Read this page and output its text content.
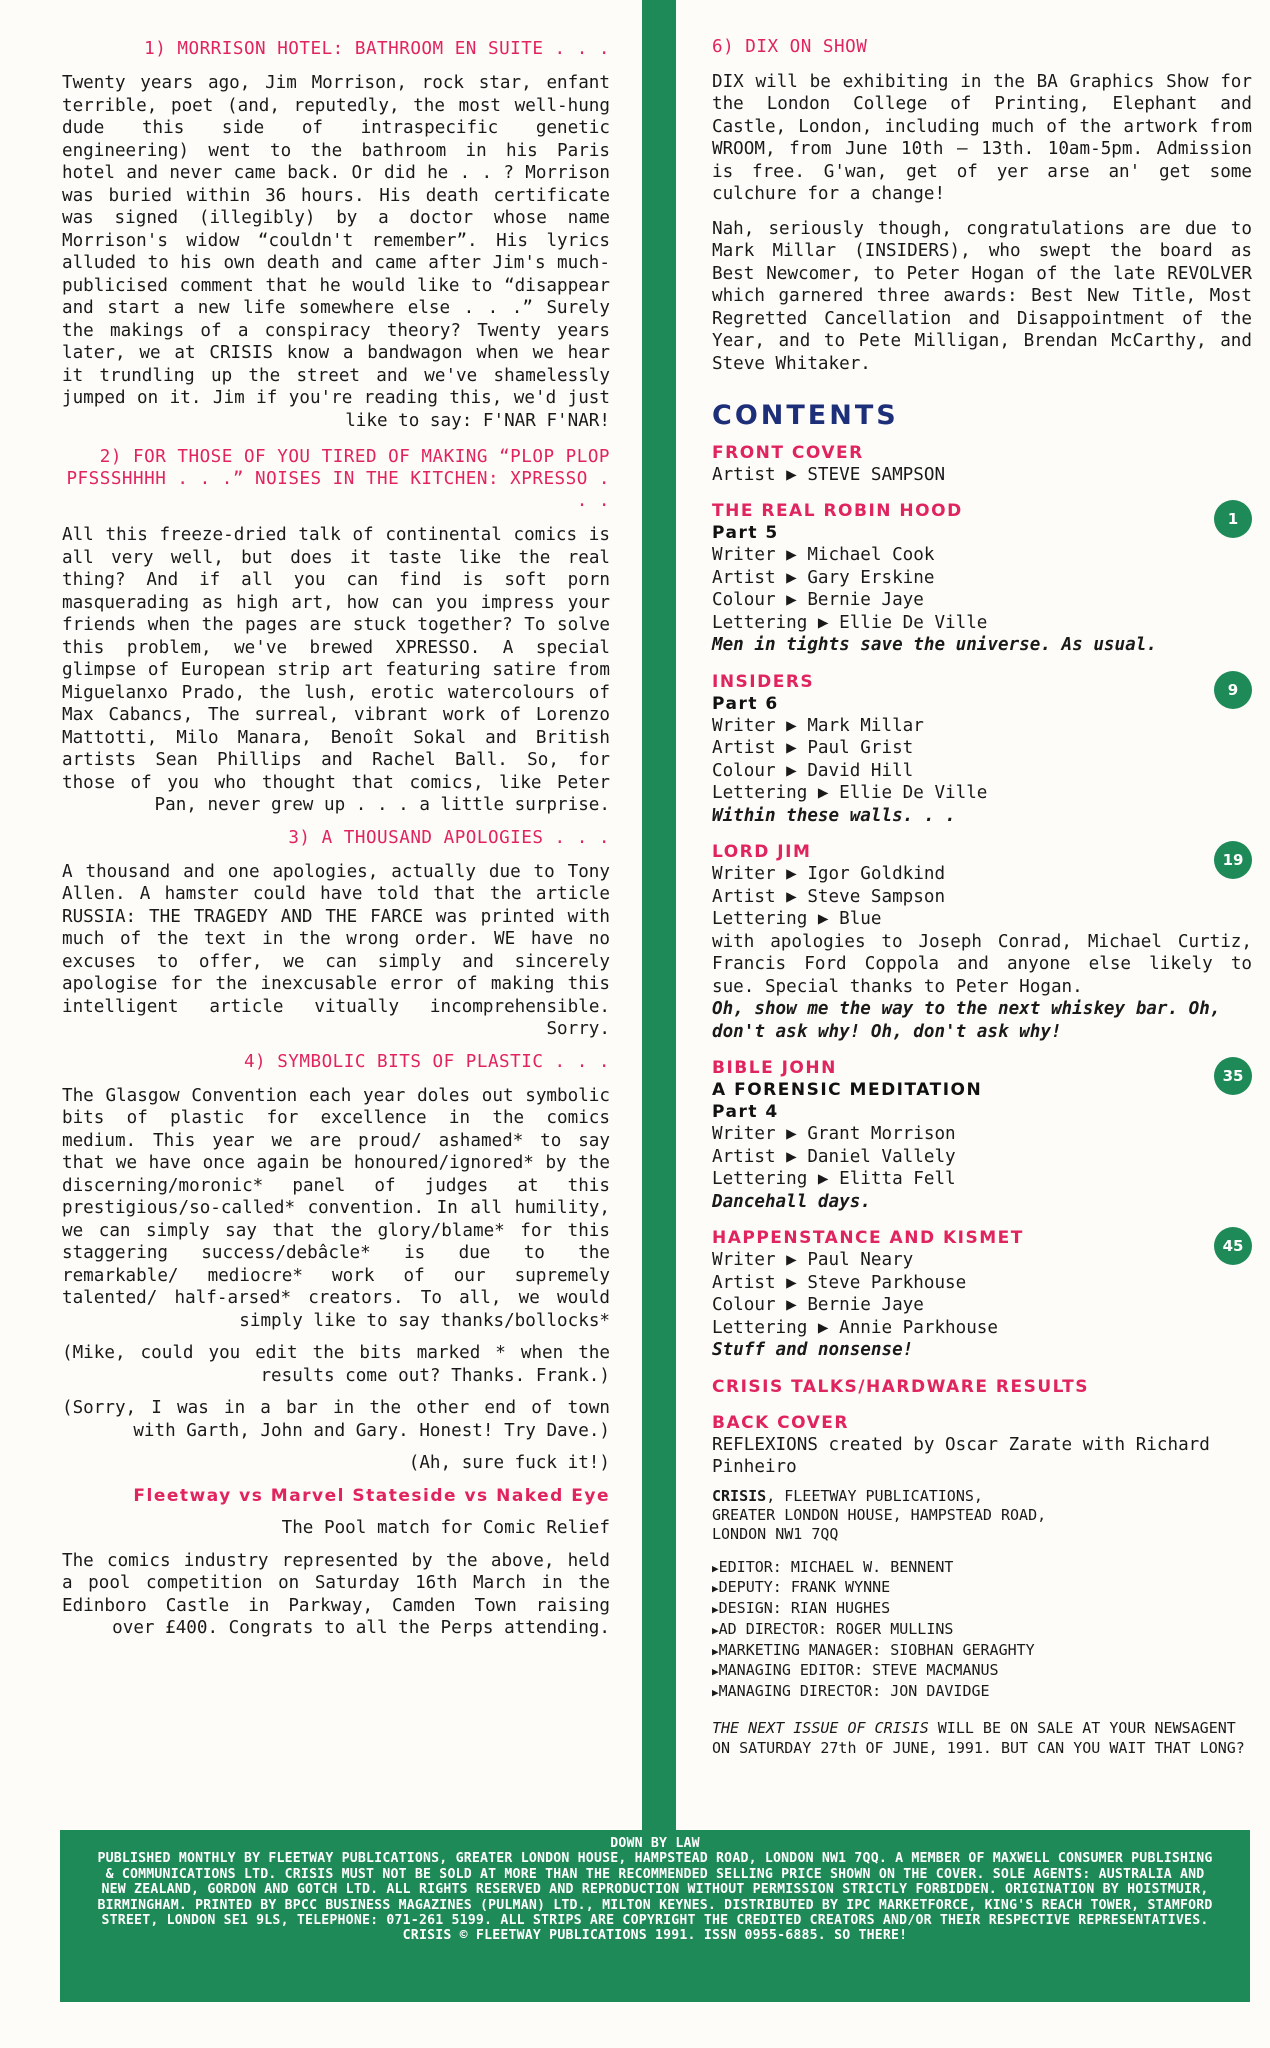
1) MORRISON HOTEL: BATHROOM EN SUITE . . .

Twenty years ago, Jim Morrison, rock star, enfant terrible, poet (and, reputedly, the most well-hung dude this side of intraspecific genetic engineering) went to the bathroom in his Paris hotel and never came back. Or did he . . ? Morrison was buried within 36 hours. His death certificate was signed (illegibly) by a doctor whose name Morrison's widow “couldn't remember”. His lyrics alluded to his own death and came after Jim's much-publicised comment that he would like to “disappear and start a new life somewhere else . . .” Surely the makings of a conspiracy theory? Twenty years later, we at CRISIS know a bandwagon when we hear it trundling up the street and we've shamelessly jumped on it. Jim if you're reading this, we'd just like to say: F'NAR F'NAR!

2) FOR THOSE OF YOU TIRED OF MAKING “PLOP PLOP PFSSSHHHH . . .” NOISES IN THE KITCHEN: XPRESSO . . .

All this freeze-dried talk of continental comics is all very well, but does it taste like the real thing? And if all you can find is soft porn masquerading as high art, how can you impress your friends when the pages are stuck together? To solve this problem, we've brewed XPRESSO. A special glimpse of European strip art featuring satire from Miguelanxo Prado, the lush, erotic watercolours of Max Cabancs, The surreal, vibrant work of Lorenzo Mattotti, Milo Manara, Benoît Sokal and British artists Sean Phillips and Rachel Ball. So, for those of you who thought that comics, like Peter Pan, never grew up . . . a little surprise.

3) A THOUSAND APOLOGIES . . .

A thousand and one apologies, actually due to Tony Allen. A hamster could have told that the article RUSSIA: THE TRAGEDY AND THE FARCE was printed with much of the text in the wrong order. WE have no excuses to offer, we can simply and sincerely apologise for the inexcusable error of making this intelligent article vitually incomprehensible. Sorry.

4) SYMBOLIC BITS OF PLASTIC . . .

The Glasgow Convention each year doles out symbolic bits of plastic for excellence in the comics medium. This year we are proud/ ashamed* to say that we have once again be honoured/ignored* by the discerning/moronic* panel of judges at this prestigious/so-called* convention. In all humility, we can simply say that the glory/blame* for this staggering success/debâcle* is due to the remarkable/ mediocre* work of our supremely talented/ half-arsed* creators. To all, we would simply like to say thanks/bollocks*

(Mike, could you edit the bits marked * when the results come out? Thanks. Frank.)

(Sorry, I was in a bar in the other end of town with Garth, John and Gary. Honest! Try Dave.)

(Ah, sure fuck it!)

Fleetway vs Marvel Stateside vs Naked Eye

The Pool match for Comic Relief

The comics industry represented by the above, held a pool competition on Saturday 16th March in the Edinboro Castle in Parkway, Camden Town raising over £400. Congrats to all the Perps attending.

6) DIX ON SHOW

DIX will be exhibiting in the BA Graphics Show for the London College of Printing, Elephant and Castle, London, including much of the artwork from WROOM, from June 10th — 13th. 10am-5pm. Admission is free. G'wan, get of yer arse an' get some culchure for a change!

Nah, seriously though, congratulations are due to Mark Millar (INSIDERS), who swept the board as Best Newcomer, to Peter Hogan of the late REVOLVER which garnered three awards: Best New Title, Most Regretted Cancellation and Disappointment of the Year, and to Pete Milligan, Brendan McCarthy, and Steve Whitaker.

CONTENTS
FRONT COVER
Artist ▶ STEVE SAMPSON
1
THE REAL ROBIN HOOD
Part 5
Writer ▶ Michael Cook
Artist ▶ Gary Erskine
Colour ▶ Bernie Jaye
Lettering ▶ Ellie De Ville
Men in tights save the universe. As usual.
9
INSIDERS
Part 6
Writer ▶ Mark Millar
Artist ▶ Paul Grist
Colour ▶ David Hill
Lettering ▶ Ellie De Ville
Within these walls. . .
19
LORD JIM
Writer ▶ Igor Goldkind
Artist ▶ Steve Sampson
Lettering ▶ Blue
with apologies to Joseph Conrad, Michael Curtiz, Francis Ford Coppola and anyone else likely to sue. Special thanks to Peter Hogan.
Oh, show me the way to the next whiskey bar. Oh, don't ask why! Oh, don't ask why!
35
BIBLE JOHN
A FORENSIC MEDITATION
Part 4
Writer ▶ Grant Morrison
Artist ▶ Daniel Vallely
Lettering ▶ Elitta Fell
Dancehall days.
45
HAPPENSTANCE AND KISMET
Writer ▶ Paul Neary
Artist ▶ Steve Parkhouse
Colour ▶ Bernie Jaye
Lettering ▶ Annie Parkhouse
Stuff and nonsense!
CRISIS TALKS/HARDWARE RESULTS
BACK COVER
REFLEXIONS created by Oscar Zarate with Richard Pinheiro
CRISIS, FLEETWAY PUBLICATIONS,
GREATER LONDON HOUSE, HAMPSTEAD ROAD,
LONDON NW1 7QQ
▶ EDITOR: MICHAEL W. BENNENT
▶ DEPUTY: FRANK WYNNE
▶ DESIGN: RIAN HUGHES
▶ AD DIRECTOR: ROGER MULLINS
▶ MARKETING MANAGER: SIOBHAN GERAGHTY
▶ MANAGING EDITOR: STEVE MACMANUS
▶ MANAGING DIRECTOR: JON DAVIDGE
THE NEXT ISSUE OF CRISIS WILL BE ON SALE AT YOUR NEWSAGENT ON SATURDAY 27th OF JUNE, 1991. BUT CAN YOU WAIT THAT LONG?

DOWN BY LAW

PUBLISHED MONTHLY BY FLEETWAY PUBLICATIONS, GREATER LONDON HOUSE, HAMPSTEAD ROAD, LONDON NW1 7QQ. A MEMBER OF MAXWELL CONSUMER PUBLISHING & COMMUNICATIONS LTD. CRISIS MUST NOT BE SOLD AT MORE THAN THE RECOMMENDED SELLING PRICE SHOWN ON THE COVER. SOLE AGENTS: AUSTRALIA AND NEW ZEALAND, GORDON AND GOTCH LTD. ALL RIGHTS RESERVED AND REPRODUCTION WITHOUT PERMISSION STRICTLY FORBIDDEN. ORIGINATION BY HOISTMUIR, BIRMINGHAM. PRINTED BY BPCC BUSINESS MAGAZINES (PULMAN) LTD., MILTON KEYNES. DISTRIBUTED BY IPC MARKETFORCE, KING'S REACH TOWER, STAMFORD STREET, LONDON SE1 9LS, TELEPHONE: 071-261 5199. ALL STRIPS ARE COPYRIGHT THE CREDITED CREATORS AND/OR THEIR RESPECTIVE REPRESENTATIVES. CRISIS © FLEETWAY PUBLICATIONS 1991. ISSN 0955-6885. SO THERE!
